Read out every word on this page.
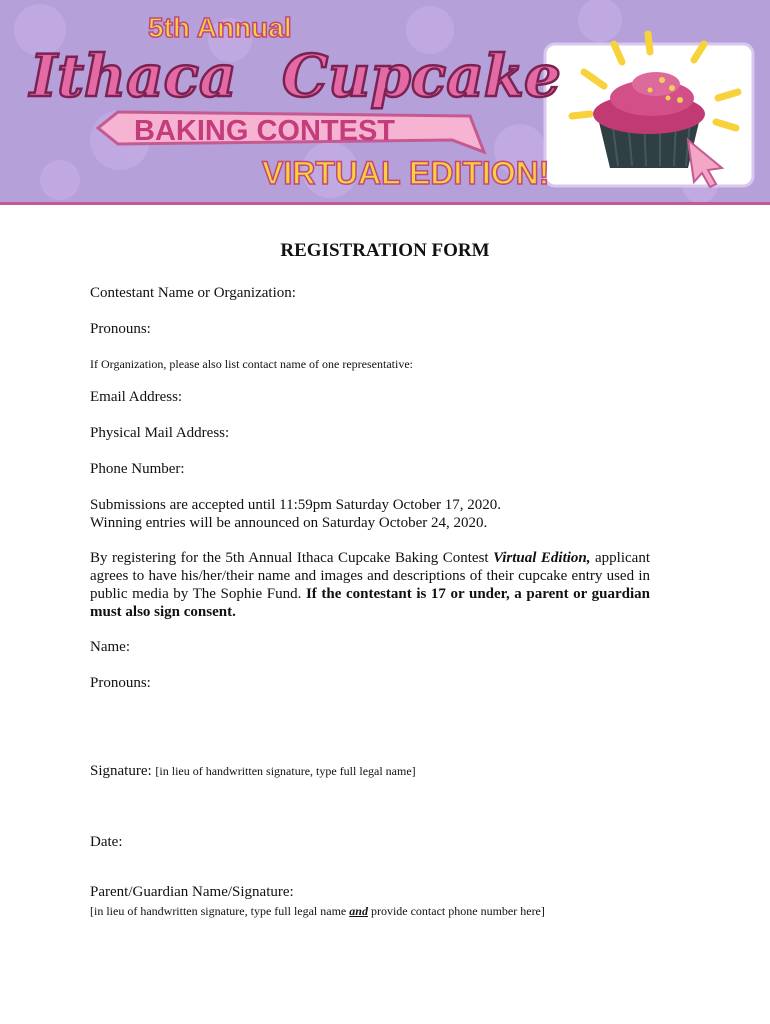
5th Annual
Ithaca Cupcake
BAKING CONTEST
VIRTUAL EDITION!
REGISTRATION FORM
Contestant Name or Organization:
Pronouns:
If Organization, please also list contact name of one representative:
Email Address:
Physical Mail Address:
Phone Number:
Submissions are accepted until 11:59pm Saturday October 17, 2020.
Winning entries will be announced on Saturday October 24, 2020.
By registering for the 5th Annual Ithaca Cupcake Baking Contest Virtual Edition, applicant agrees to have his/her/their name and images and descriptions of their cupcake entry used in public media by The Sophie Fund. If the contestant is 17 or under, a parent or guardian must also sign consent.
Name:
Pronouns:
Signature: [in lieu of handwritten signature, type full legal name]
Date:
Parent/Guardian Name/Signature:
[in lieu of handwritten signature, type full legal name and provide contact phone number here]
